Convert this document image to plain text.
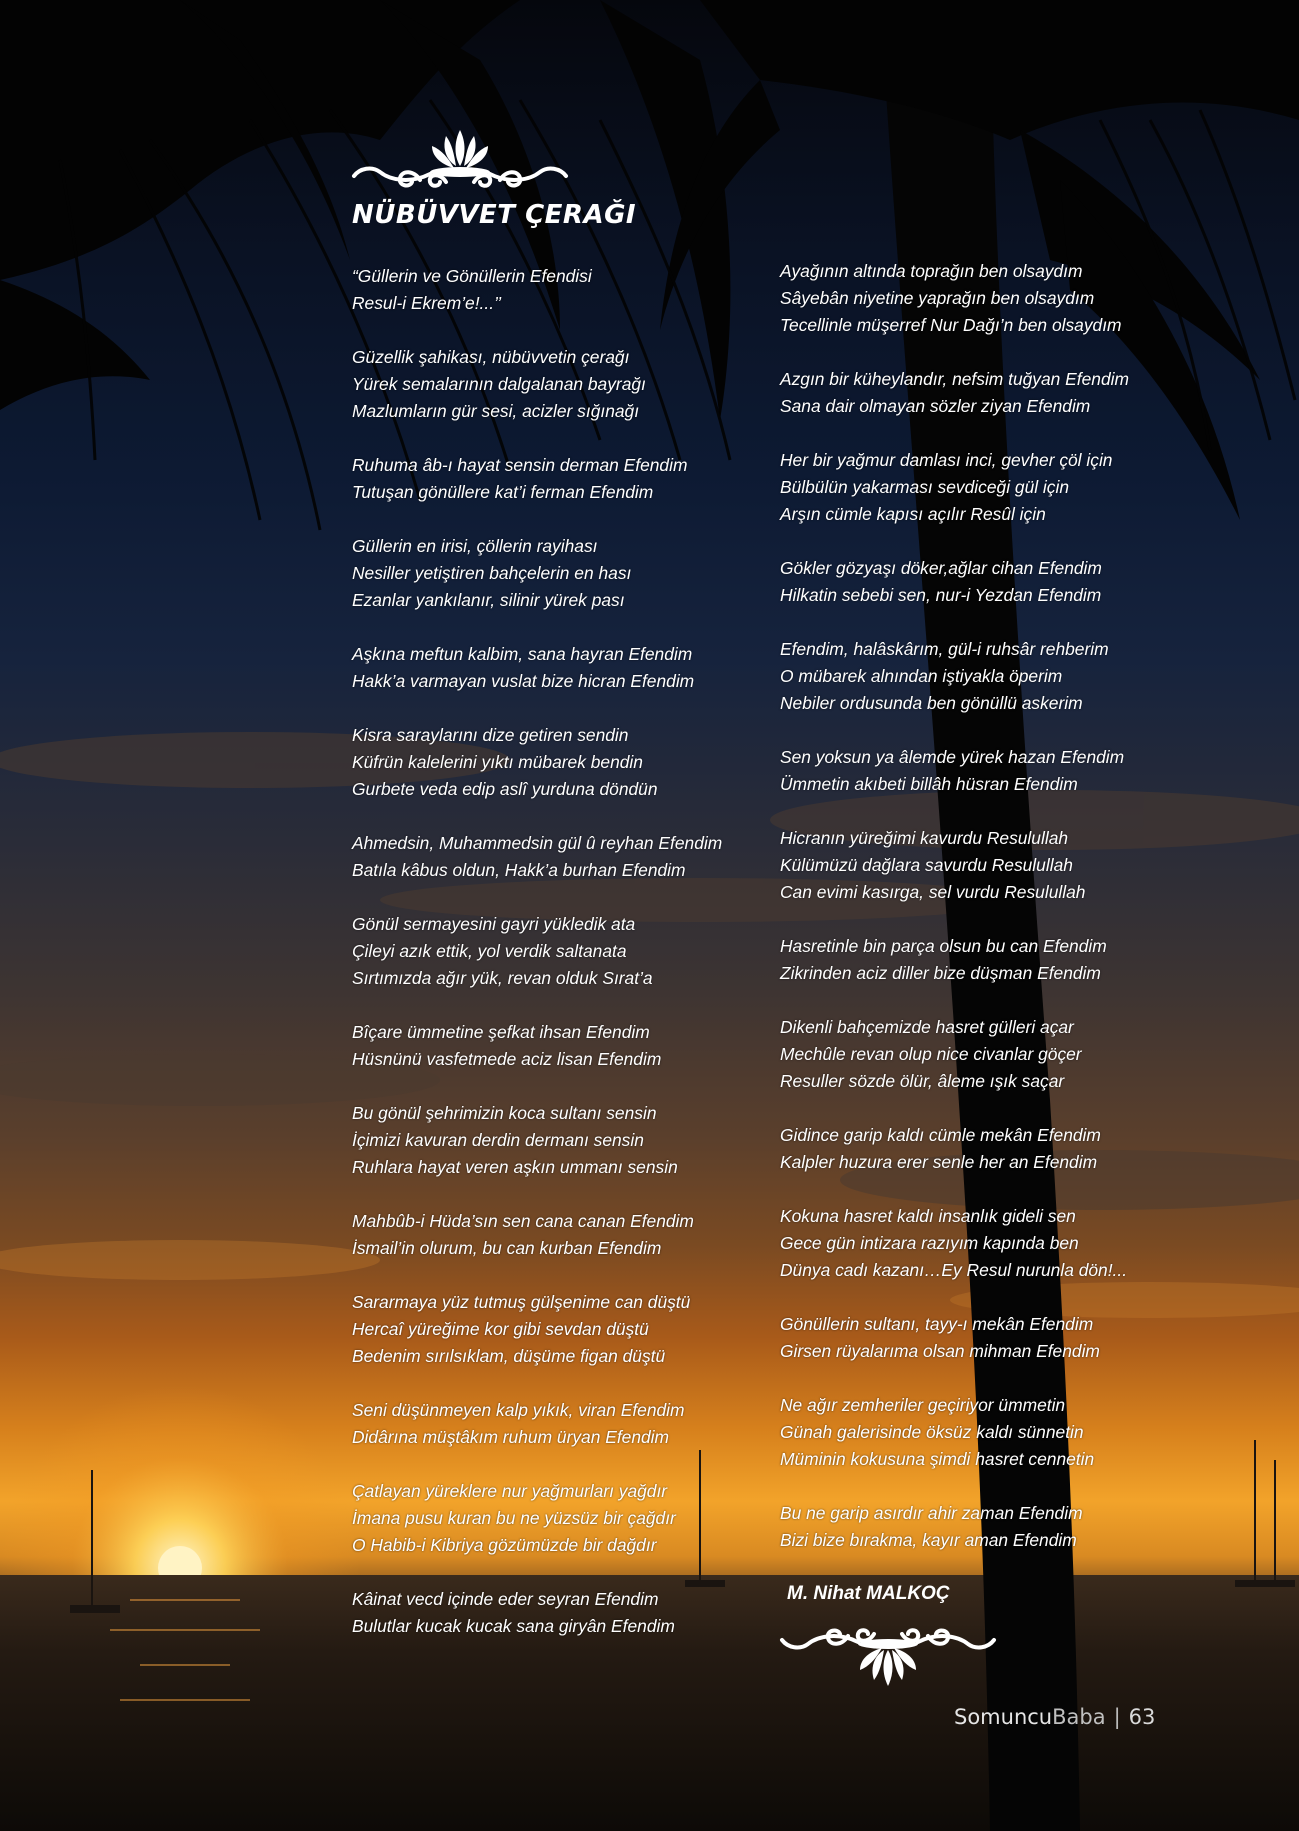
NÜBÜVVET ÇERAĞI
“Güllerin ve Gönüllerin Efendisi
Resul-i Ekrem’e!...’’
Güzellik şahikası, nübüvvetin çerağı
Yürek semalarının dalgalanan bayrağı
Mazlumların gür sesi, acizler sığınağı
Ruhuma âb-ı hayat sensin derman Efendim
Tutuşan gönüllere kat’i ferman Efendim
Güllerin en irisi, çöllerin rayihası
Nesiller yetiştiren bahçelerin en hası
Ezanlar yankılanır, silinir yürek pası
Aşkına meftun kalbim, sana hayran Efendim
Hakk’a varmayan vuslat bize hicran Efendim
Kisra saraylarını dize getiren sendin
Küfrün kalelerini yıktı mübarek bendin
Gurbete veda edip aslî yurduna döndün
Ahmedsin, Muhammedsin gül û reyhan Efendim
Batıla kâbus oldun, Hakk’a burhan Efendim
Gönül sermayesini gayri yükledik ata
Çileyi azık ettik, yol verdik saltanata
Sırtımızda ağır yük, revan olduk Sırat’a
Bîçare ümmetine şefkat ihsan Efendim
Hüsnünü vasfetmede aciz lisan Efendim
Bu gönül şehrimizin koca sultanı sensin
İçimizi kavuran derdin dermanı sensin
Ruhlara hayat veren aşkın ummanı sensin
Mahbûb-i Hüda’sın sen cana canan Efendim
İsmail’in olurum, bu can kurban Efendim
Sararmaya yüz tutmuş gülşenime can düştü
Hercaî yüreğime kor gibi sevdan düştü
Bedenim sırılsıklam, düşüme figan düştü
Seni düşünmeyen kalp yıkık, viran Efendim
Didârına müştâkım ruhum üryan Efendim
Çatlayan yüreklere nur yağmurları yağdır
İmana pusu kuran bu ne yüzsüz bir çağdır
O Habib-i Kibriya gözümüzde bir dağdır
Kâinat vecd içinde eder seyran Efendim
Bulutlar kucak kucak sana giryân Efendim
Ayağının altında toprağın ben olsaydım
Sâyebân niyetine yaprağın ben olsaydım
Tecellinle müşerref Nur Dağı’n ben olsaydım
Azgın bir küheylandır, nefsim tuğyan Efendim
Sana dair olmayan sözler ziyan Efendim
Her bir yağmur damlası inci, gevher çöl için
Bülbülün yakarması sevdiceği gül için
Arşın cümle kapısı açılır Resûl için
Gökler gözyaşı döker,ağlar cihan Efendim
Hilkatin sebebi sen, nur-i Yezdan Efendim
Efendim, halâskârım, gül-i ruhsâr rehberim
O mübarek alnından iştiyakla öperim
Nebiler ordusunda ben gönüllü askerim
Sen yoksun ya âlemde yürek hazan Efendim
Ümmetin akıbeti billâh hüsran Efendim
Hicranın yüreğimi kavurdu Resulullah
Külümüzü dağlara savurdu Resulullah
Can evimi kasırga, sel vurdu Resulullah
Hasretinle bin parça olsun bu can Efendim
Zikrinden aciz diller bize düşman Efendim
Dikenli bahçemizde hasret gülleri açar
Mechûle revan olup nice civanlar göçer
Resuller sözde ölür, âleme ışık saçar
Gidince garip kaldı cümle mekân Efendim
Kalpler huzura erer senle her an Efendim
Kokuna hasret kaldı insanlık gideli sen
Gece gün intizara razıyım kapında ben
Dünya cadı kazanı…Ey Resul nurunla dön!...
Gönüllerin sultanı, tayy-ı mekân Efendim
Girsen rüyalarıma olsan mihman Efendim
Ne ağır zemheriler geçiriyor ümmetin
Günah galerisinde öksüz kaldı sünnetin
Müminin kokusuna şimdi hasret cennetin
Bu ne garip asırdır ahir zaman Efendim
Bizi bize bırakma, kayır aman Efendim
M. Nihat MALKOÇ
SomuncuBaba | 63
